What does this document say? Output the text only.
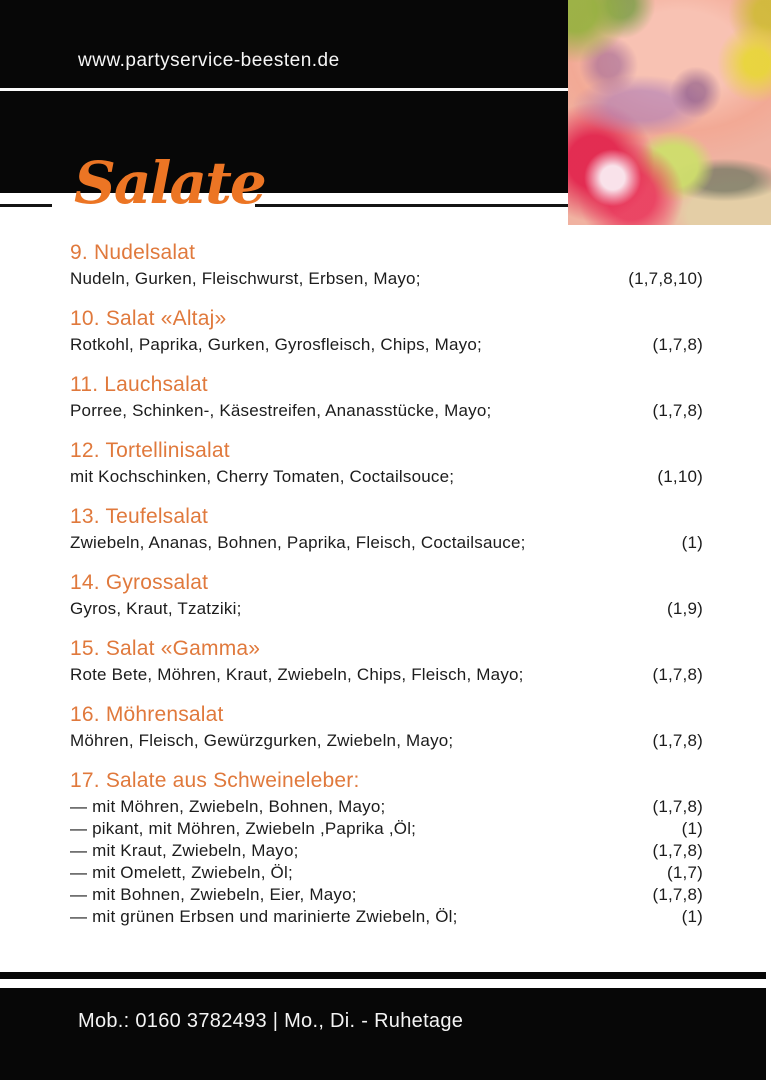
www.partyservice-beesten.de
Salate
9. Nudelsalat
Nudeln, Gurken, Fleischwurst, Erbsen, Mayo;	(1,7,8,10)
10. Salat «Altaj»
Rotkohl, Paprika, Gurken, Gyrosfleisch, Chips, Mayo;	(1,7,8)
11. Lauchsalat
Porree, Schinken-, Käsestreifen, Ananasstücke, Mayo;	(1,7,8)
12. Tortellinisalat
mit Kochschinken, Cherry Tomaten, Coctailsouce;	(1,10)
13. Teufelsalat
Zwiebeln, Ananas, Bohnen, Paprika, Fleisch, Coctailsauce;	(1)
14. Gyrossalat
Gyros, Kraut, Tzatziki;	(1,9)
15. Salat «Gamma»
Rote Bete, Möhren, Kraut, Zwiebeln, Chips, Fleisch, Mayo;	(1,7,8)
16. Möhrensalat
Möhren, Fleisch, Gewürzgurken, Zwiebeln, Mayo;	(1,7,8)
17. Salate aus Schweineleber:
— mit Möhren, Zwiebeln, Bohnen, Mayo;	(1,7,8)
— pikant, mit Möhren, Zwiebeln ,Paprika ,Öl;	(1)
— mit Kraut, Zwiebeln, Mayo;	(1,7,8)
— mit Omelett, Zwiebeln, Öl;	(1,7)
— mit Bohnen, Zwiebeln, Eier, Mayo;	(1,7,8)
— mit grünen Erbsen und marinierte Zwiebeln, Öl;	(1)
Mob.: 0160 3782493 | Mo., Di. - Ruhetage
